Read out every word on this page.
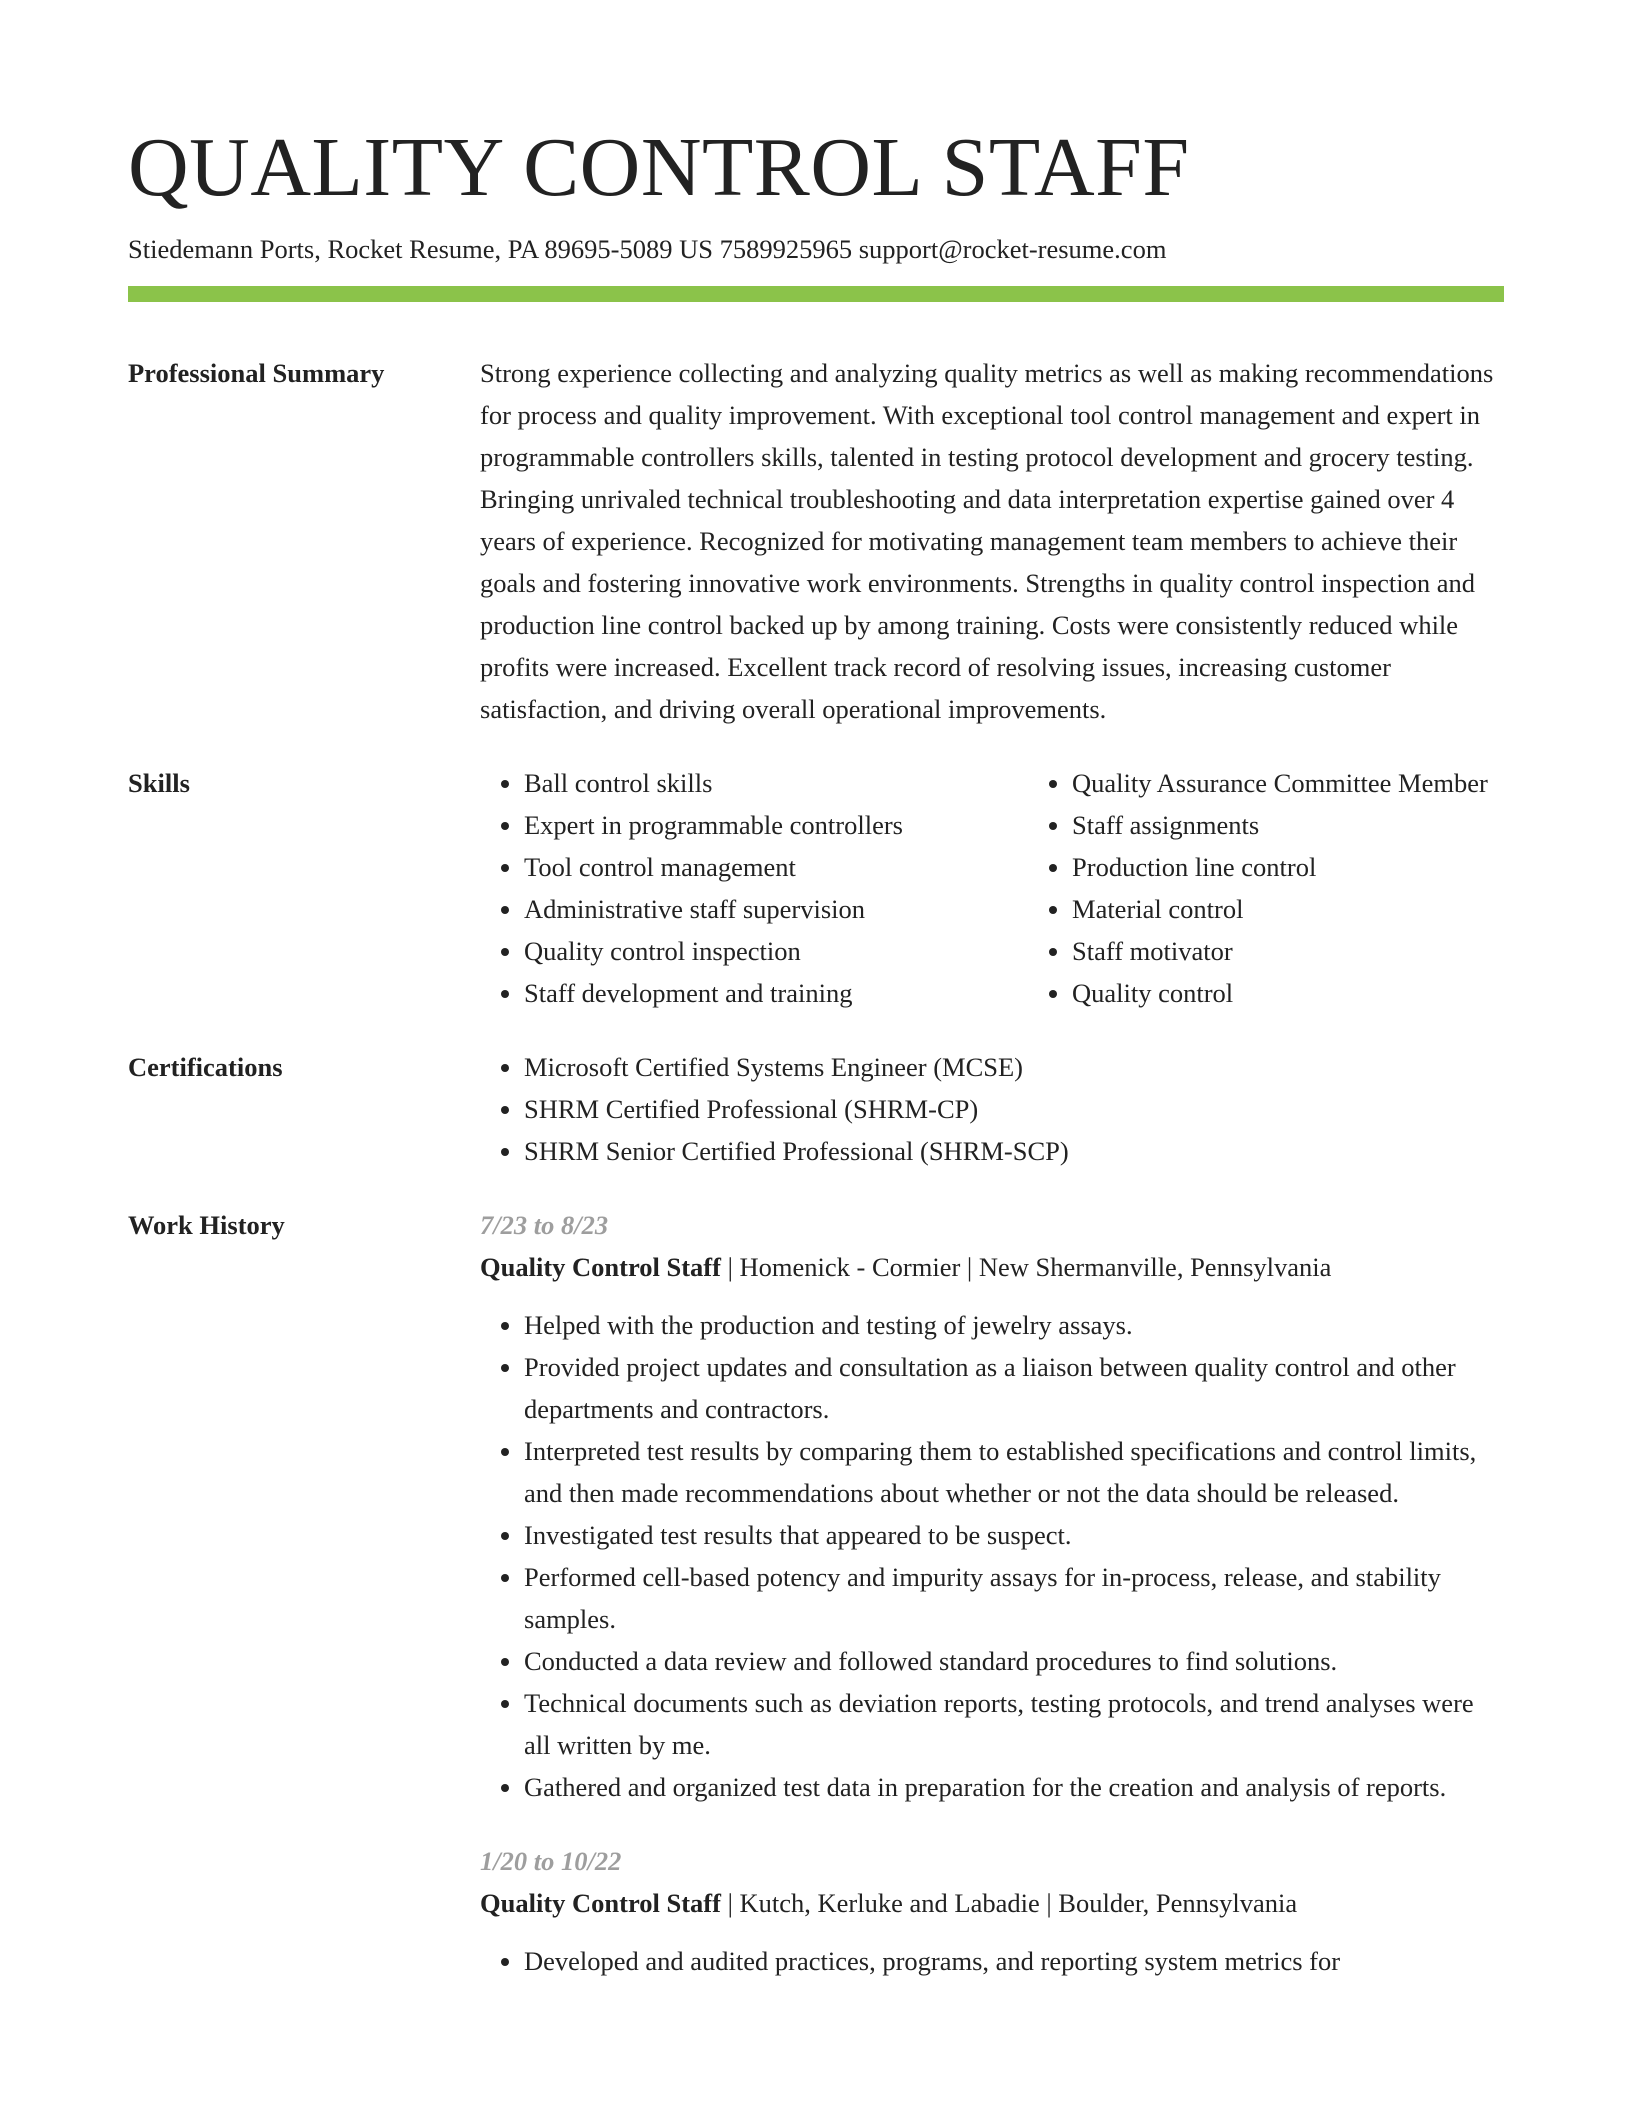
QUALITY CONTROL STAFF
Stiedemann Ports, Rocket Resume, PA 89695-5089 US 7589925965 support@rocket-resume.com
Professional Summary	Strong experience collecting and analyzing quality metrics as well as making recommendations for process and quality improvement. With exceptional tool control management and expert in programmable controllers skills, talented in testing protocol development and grocery testing. Bringing unrivaled technical troubleshooting and data interpretation expertise gained over 4 years of experience. Recognized for motivating management team members to achieve their goals and fostering innovative work environments. Strengths in quality control inspection and production line control backed up by among training. Costs were consistently reduced while profits were increased. Excellent track record of resolving issues, increasing customer satisfaction, and driving overall operational improvements.

Skills	• Ball control skills
• Expert in programmable controllers
• Tool control management
• Administrative staff supervision
• Quality control inspection
• Staff development and training
• Quality Assurance Committee Member
• Staff assignments
• Production line control
• Material control
• Staff motivator
• Quality control
Certifications	• Microsoft Certified Systems Engineer (MCSE)
• SHRM Certified Professional (SHRM-CP)
• SHRM Senior Certified Professional (SHRM-SCP)
Work History	7/23 to 8/23
Quality Control Staff | Homenick - Cormier | New Shermanville, Pennsylvania
• Helped with the production and testing of jewelry assays.
• Provided project updates and consultation as a liaison between quality control and other departments and contractors.
• Interpreted test results by comparing them to established specifications and control limits, and then made recommendations about whether or not the data should be released.
• Investigated test results that appeared to be suspect.
• Performed cell-based potency and impurity assays for in-process, release, and stability samples.
• Conducted a data review and followed standard procedures to find solutions.
• Technical documents such as deviation reports, testing protocols, and trend analyses were all written by me.
• Gathered and organized test data in preparation for the creation and analysis of reports.
1/20 to 10/22
Quality Control Staff | Kutch, Kerluke and Labadie | Boulder, Pennsylvania
• Developed and audited practices, programs, and reporting system metrics for
